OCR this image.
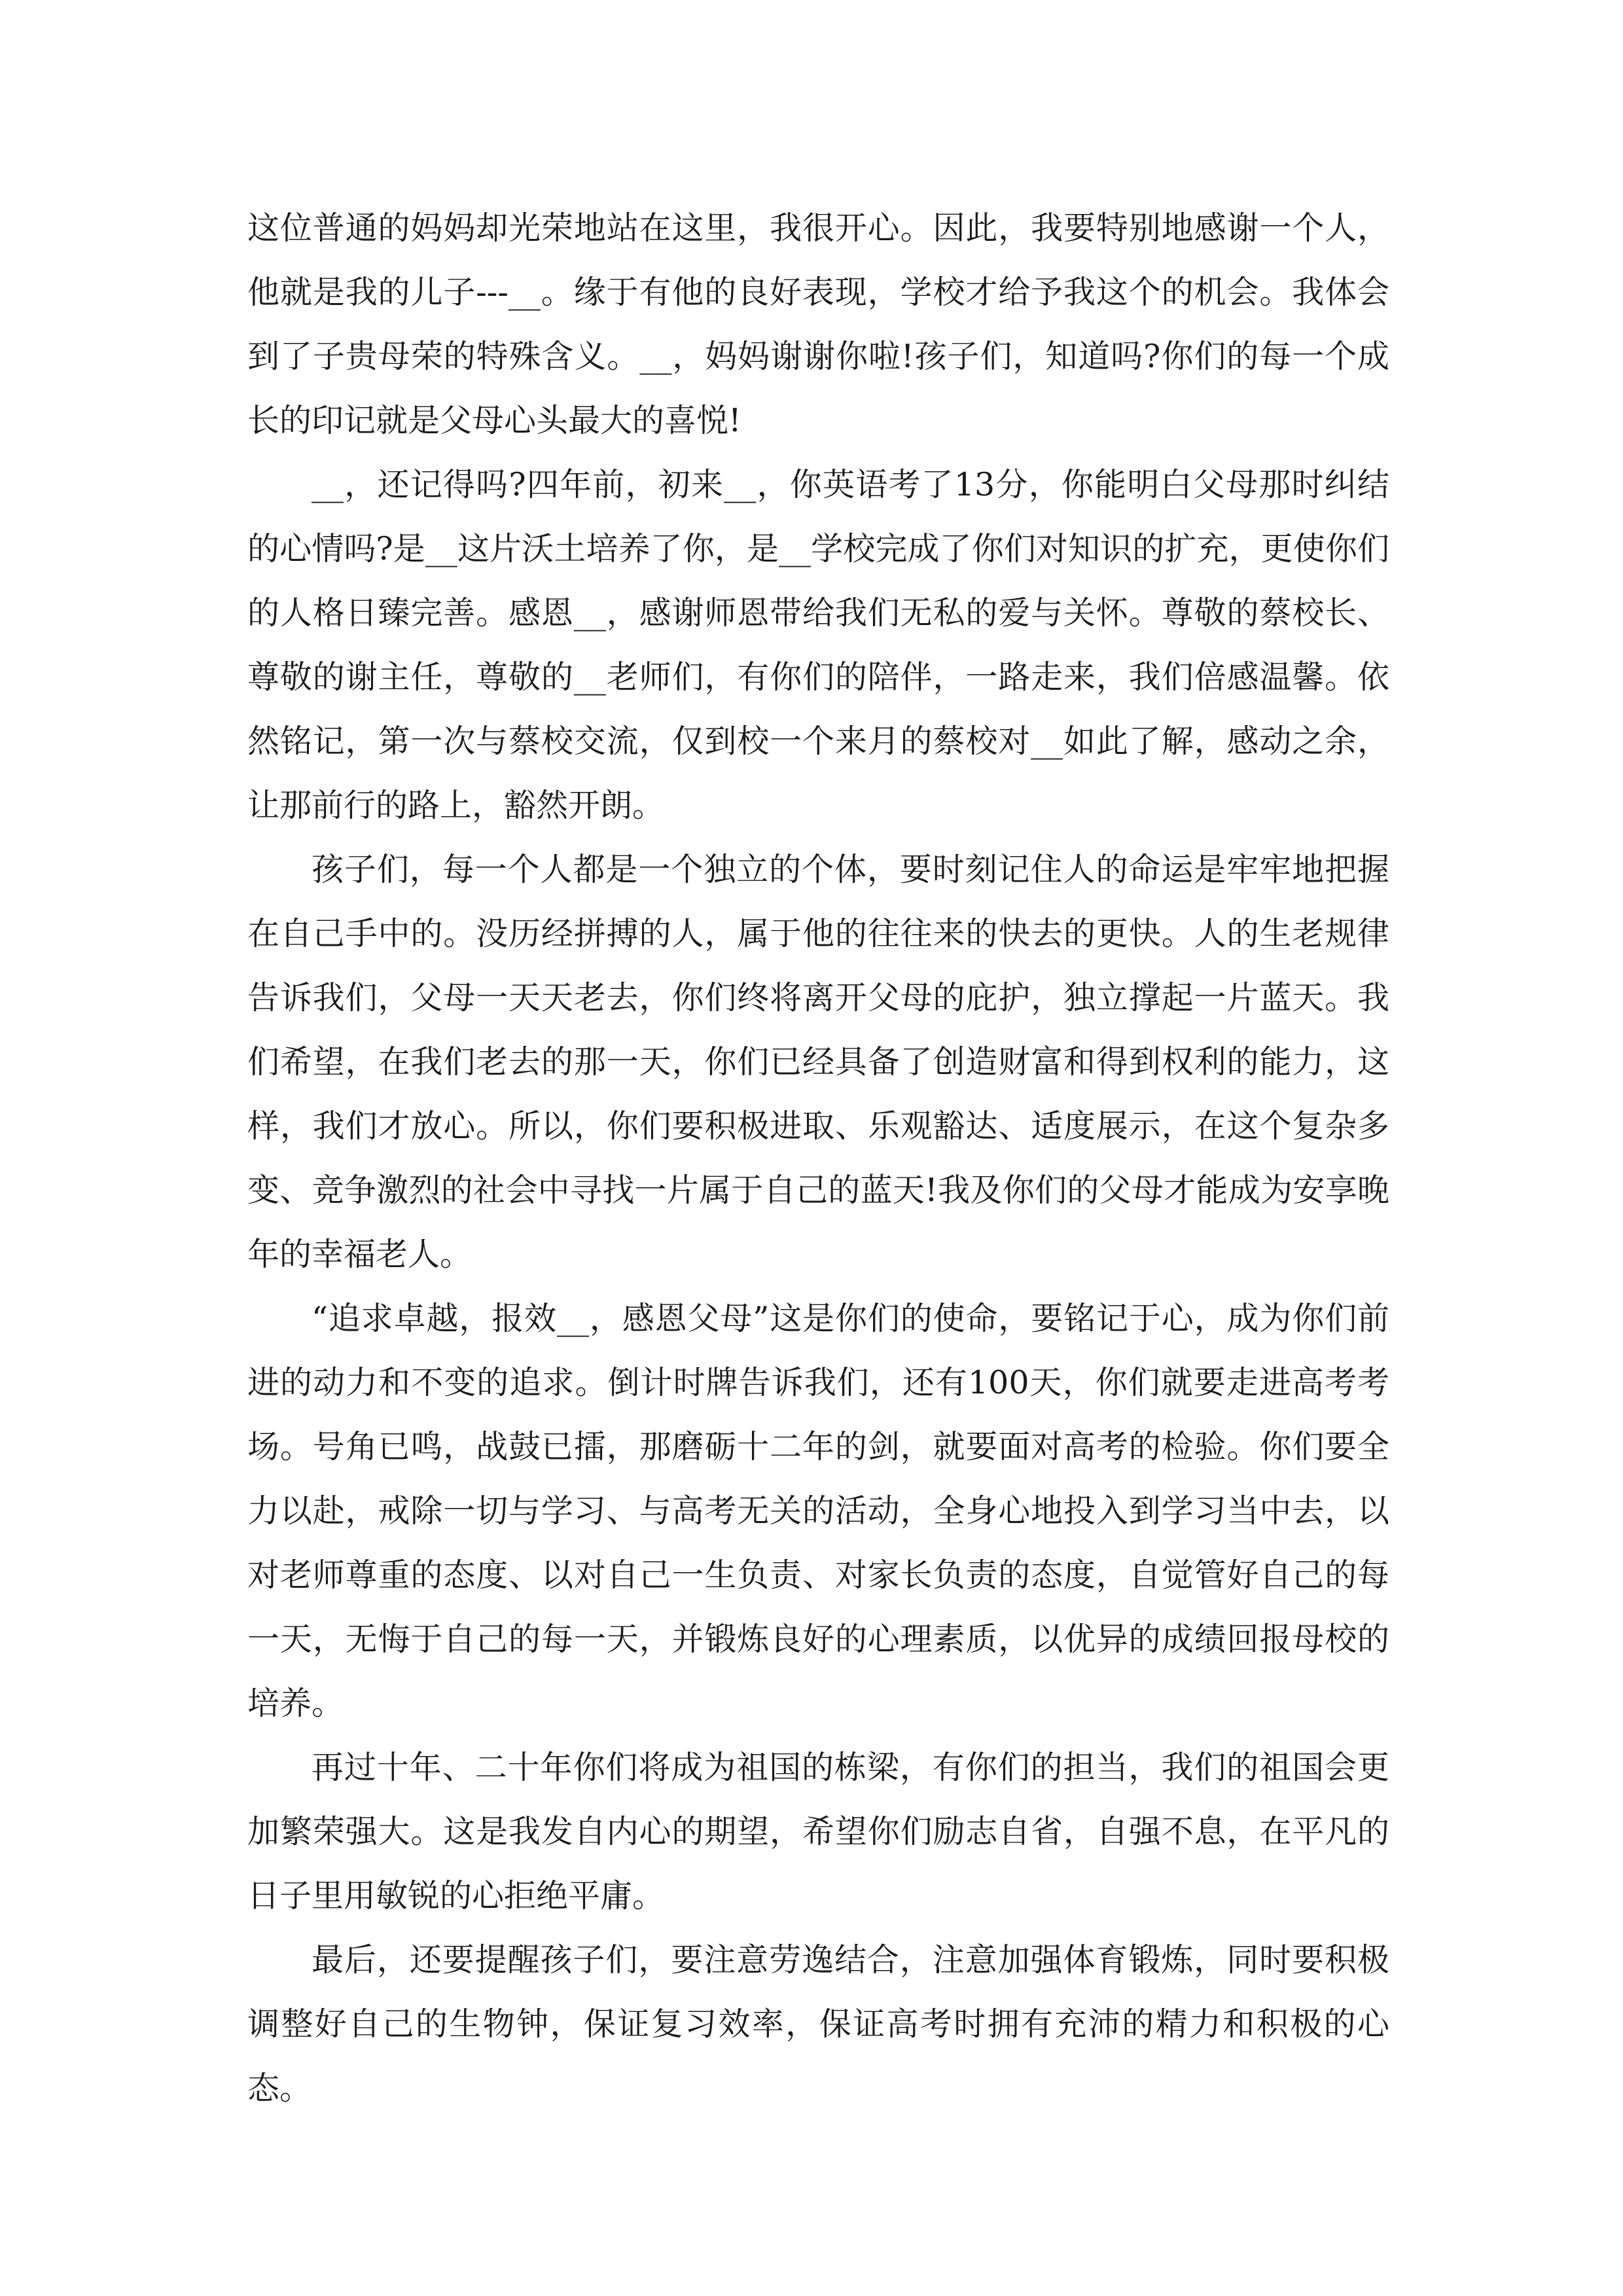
这位普通的妈妈却光荣地站在这里，我很开心。因此，我要特别地感谢一个人，他就是我的儿子---__。缘于有他的良好表现，学校才给予我这个的机会。我体会到了子贵母荣的特殊含义。__，妈妈谢谢你啦!孩子们，知道吗?你们的每一个成长的印记就是父母心头最大的喜悦!

__，还记得吗?四年前，初来__，你英语考了13分，你能明白父母那时纠结的心情吗?是__这片沃土培养了你，是__学校完成了你们对知识的扩充，更使你们的人格日臻完善。感恩__，感谢师恩带给我们无私的爱与关怀。尊敬的蔡校长、尊敬的谢主任，尊敬的__老师们，有你们的陪伴，一路走来，我们倍感温馨。依然铭记，第一次与蔡校交流，仅到校一个来月的蔡校对__如此了解，感动之余，让那前行的路上，豁然开朗。

孩子们，每一个人都是一个独立的个体，要时刻记住人的命运是牢牢地把握在自己手中的。没历经拼搏的人，属于他的往往来的快去的更快。人的生老规律告诉我们，父母一天天老去，你们终将离开父母的庇护，独立撑起一片蓝天。我们希望，在我们老去的那一天，你们已经具备了创造财富和得到权利的能力，这样，我们才放心。所以，你们要积极进取、乐观豁达、适度展示，在这个复杂多变、竞争激烈的社会中寻找一片属于自己的蓝天!我及你们的父母才能成为安享晚年的幸福老人。

“追求卓越，报效__，感恩父母”这是你们的使命，要铭记于心，成为你们前进的动力和不变的追求。倒计时牌告诉我们，还有100天，你们就要走进高考考场。号角已鸣，战鼓已擂，那磨砺十二年的剑，就要面对高考的检验。你们要全力以赴，戒除一切与学习、与高考无关的活动，全身心地投入到学习当中去，以对老师尊重的态度、以对自己一生负责、对家长负责的态度，自觉管好自己的每一天，无悔于自己的每一天，并锻炼良好的心理素质，以优异的成绩回报母校的培养。

再过十年、二十年你们将成为祖国的栋梁，有你们的担当，我们的祖国会更加繁荣强大。这是我发自内心的期望，希望你们励志自省，自强不息，在平凡的日子里用敏锐的心拒绝平庸。

最后，还要提醒孩子们，要注意劳逸结合，注意加强体育锻炼，同时要积极调整好自己的生物钟，保证复习效率，保证高考时拥有充沛的精力和积极的心态。
